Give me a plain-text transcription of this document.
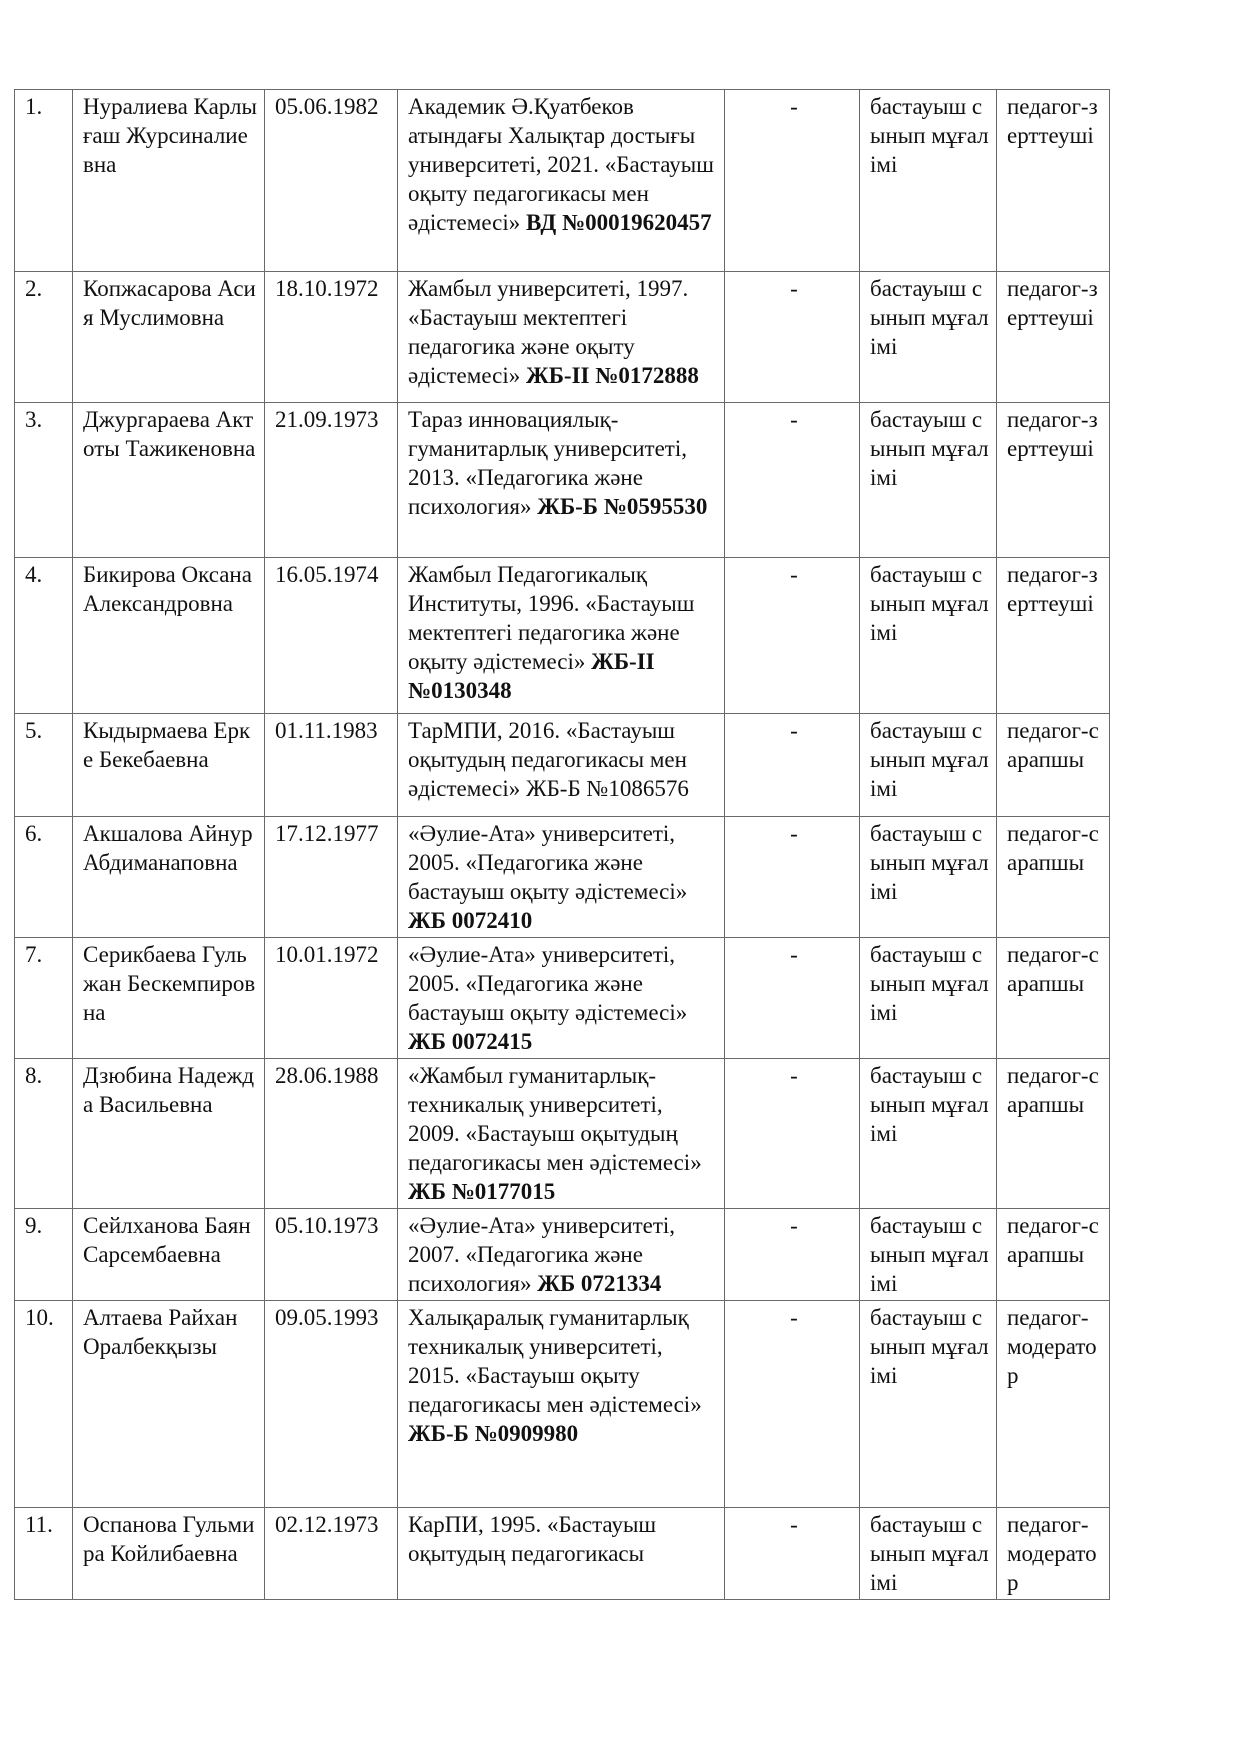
1.	Нуралиева Карлығаш Журсиналиевна	05.06.1982	Академик Ә.Қуатбеков атындағы Халықтар достығы университеті, 2021. «Бастауыш оқыту педагогикасы мен әдістемесі» ВД №00019620457	-	бастауыш сынып мұғалімі	педагог-зерттеуші
2.	Копжасарова Асия Муслимовна	18.10.1972	Жамбыл университеті, 1997. «Бастауыш мектептегі педагогика және оқыту әдістемесі» ЖБ-ІІ №0172888	-	бастауыш сынып мұғалімі	педагог-зерттеуші
3.	Джургараева Актоты Тажикеновна	21.09.1973	Тараз инновациялық-гуманитарлық университеті, 2013. «Педагогика және психология» ЖБ-Б №0595530	-	бастауыш сынып мұғалімі	педагог-зерттеуші
4.	Бикирова Оксана Александровна	16.05.1974	Жамбыл Педагогикалық Институты, 1996. «Бастауыш мектептегі педагогика және оқыту әдістемесі» ЖБ-ІІ №0130348	-	бастауыш сынып мұғалімі	педагог-зерттеуші
5.	Кыдырмаева Ерке Бекебаевна	01.11.1983	ТарМПИ, 2016. «Бастауыш оқытудың педагогикасы мен әдістемесі» ЖБ-Б №1086576	-	бастауыш сынып мұғалімі	педагог-сарапшы
6.	Акшалова Айнур Абдиманаповна	17.12.1977	«Әулие-Ата» университеті, 2005. «Педагогика және бастауыш оқыту әдістемесі» ЖБ 0072410	-	бастауыш сынып мұғалімі	педагог-сарапшы
7.	Серикбаева Гульжан Бескемпировна	10.01.1972	«Әулие-Ата» университеті, 2005. «Педагогика және бастауыш оқыту әдістемесі» ЖБ 0072415	-	бастауыш сынып мұғалімі	педагог-сарапшы
8.	Дзюбина Надежда Васильевна	28.06.1988	«Жамбыл гуманитарлық-техникалық университеті, 2009. «Бастауыш оқытудың педагогикасы мен әдістемесі» ЖБ №0177015	-	бастауыш сынып мұғалімі	педагог-сарапшы
9.	Сейлханова Баян Сарсембаевна	05.10.1973	«Әулие-Ата» университеті, 2007. «Педагогика және психология» ЖБ 0721334	-	бастауыш сынып мұғалімі	педагог-сарапшы
10.	Алтаева Райхан Оралбекқызы	09.05.1993	Халықаралық гуманитарлық техникалық университеті, 2015. «Бастауыш оқыту педагогикасы мен әдістемесі» ЖБ-Б №0909980	-	бастауыш сынып мұғалімі	педагог-модератор
11.	Оспанова Гульмира Койлибаевна	02.12.1973	КарПИ, 1995. «Бастауыш оқытудың педагогикасы	-	бастауыш сынып мұғалімі	педагог-модератор
